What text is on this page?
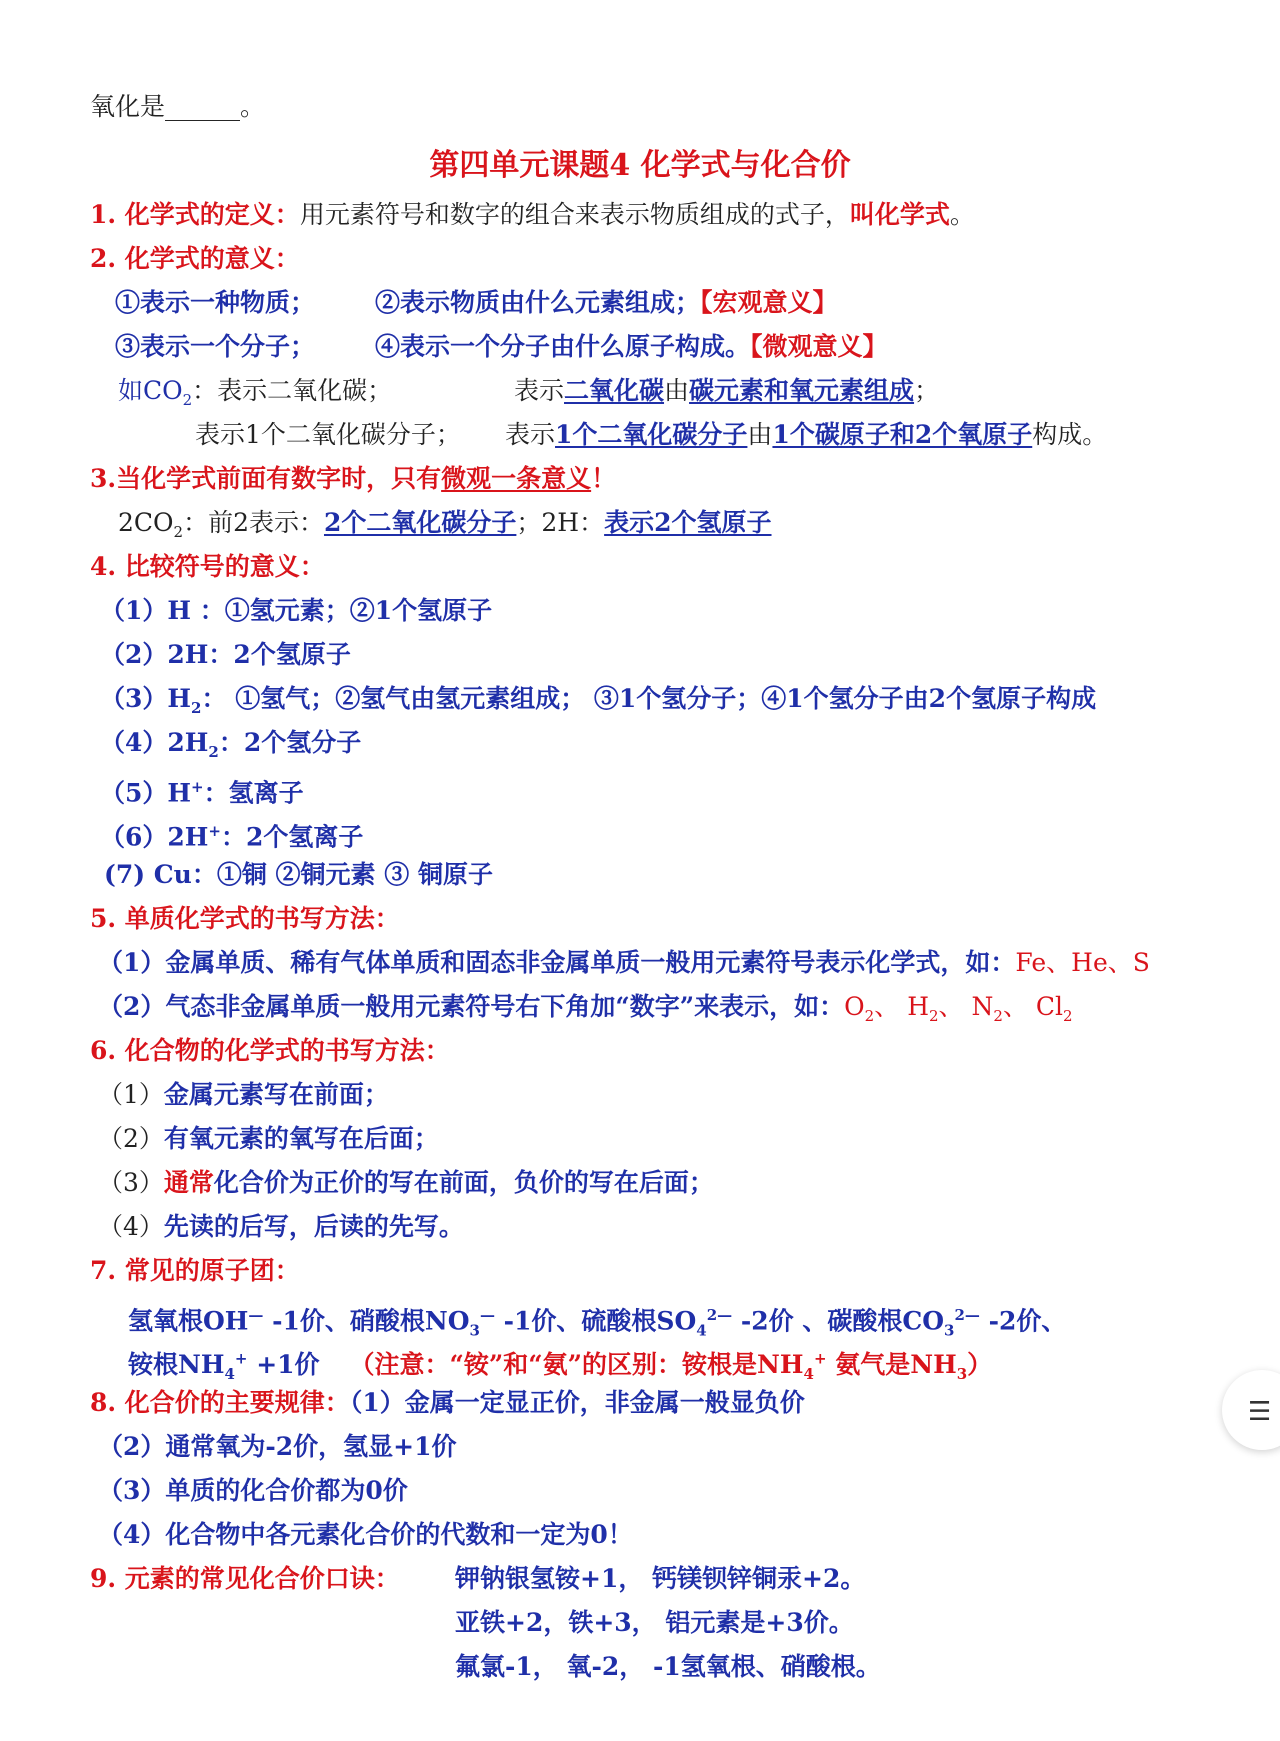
氧化是______。
第四单元课题4 化学式与化合价
1. 化学式的定义：用元素符号和数字的组合来表示物质组成的式子，叫化学式。
2. 化学式的意义：
①表示一种物质； ②表示物质由什么元素组成；【宏观意义】
③表示一个分子； ④表示一个分子由什么原子构成。【微观意义】
如$CO_2$：表示二氧化碳；	表示二氧化碳由碳元素和氧元素组成；
表示1个二氧化碳分子； 表示1个二氧化碳分子由1个碳原子和2个氧原子构成。
3.当化学式前面有数字时，只有微观一条意义！
$2CO_2$：前2表示：2个二氧化碳分子；2H：表示2个氢原子
4. 比较符号的意义：
（1）H ：①氢元素；②1个氢原子
（2）2H：2个氢原子
$(3)H_2$： ①氢气；②氢气由氢元素组成； ③1个氢分子；④1个氢分子由2个氢原子构成
$(4)2H_2$：2个氢分子
（5）H+：氢离子
（6）2H+：2个氢离子
(7) Cu：①铜 ②铜元素 ③ 铜原子
5. 单质化学式的书写方法：
（1）金属单质、稀有气体单质和固态非金属单质一般用元素符号表示化学式，如：Fe、He、S
（2）气态非金属单质一般用元素符号右下角加“数字”来表示，如：$O_2$、 $H_2$、 $N_2$、 $Cl_2$
6. 化合物的化学式的书写方法：
（1）金属元素写在前面；
（2）有氧元素的氧写在后面；
（3）通常化合价为正价的写在前面，负价的写在后面；
（4）先读的后写，后读的先写。
7. 常见的原子团：
氢氧根OH— -1价、硝酸根$NO_3^—$ -1价、硫酸根$SO_4^{2—}$ -2价 、碳酸根$CO_3^{2—}$ -2价、
铵根$NH_4^+ +1$价 （注意：“铵”和“氨”的区别：铵根是$NH_4^+$ 氨气是$NH_3$）
8. 化合价的主要规律：（1）金属一定显正价，非金属一般显负价
（2）通常氧为-2价，氢显+1价
（3）单质的化合价都为0价
（4）化合物中各元素化合价的代数和一定为0！
9. 元素的常见化合价口诀： 钾钠银氢铵+1， 钙镁钡锌铜汞+2。
亚铁+2，铁+3， 铝元素是+3价。
氟氯-1， 氧-2， -1氢氧根、硝酸根。
☰
